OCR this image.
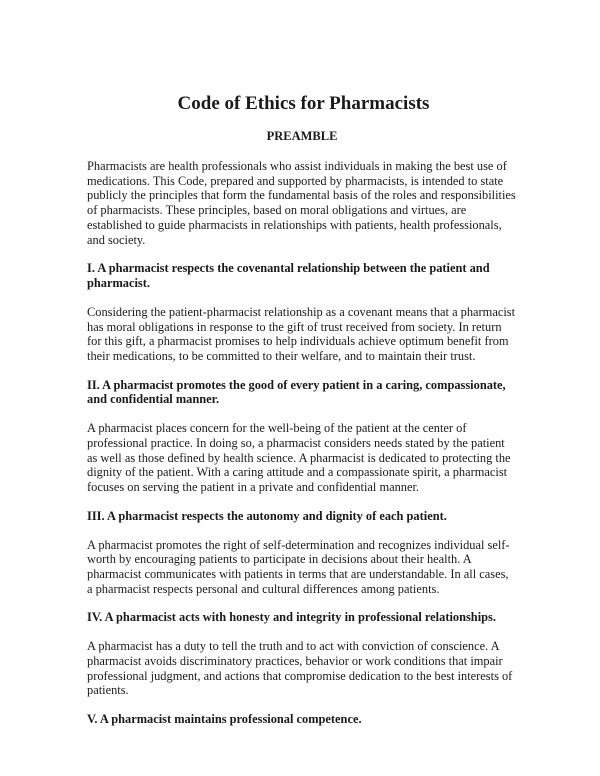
Code of Ethics for Pharmacists
PREAMBLE

Pharmacists are health professionals who assist individuals in making the best use of medications. This Code, prepared and supported by pharmacists, is intended to state publicly the principles that form the fundamental basis of the roles and responsibilities of pharmacists. These principles, based on moral obligations and virtues, are established to guide pharmacists in relationships with patients, health professionals, and society.

I. A pharmacist respects the covenantal relationship between the patient and pharmacist.

Considering the patient-pharmacist relationship as a covenant means that a pharmacist has moral obligations in response to the gift of trust received from society. In return for this gift, a pharmacist promises to help individuals achieve optimum benefit from their medications, to be committed to their welfare, and to maintain their trust.

II. A pharmacist promotes the good of every patient in a caring, compassionate, and confidential manner.

A pharmacist places concern for the well-being of the patient at the center of professional practice. In doing so, a pharmacist considers needs stated by the patient as well as those defined by health science. A pharmacist is dedicated to protecting the dignity of the patient. With a caring attitude and a compassionate spirit, a pharmacist focuses on serving the patient in a private and confidential manner.

III. A pharmacist respects the autonomy and dignity of each patient.

A pharmacist promotes the right of self-determination and recognizes individual self-worth by encouraging patients to participate in decisions about their health. A pharmacist communicates with patients in terms that are understandable. In all cases, a pharmacist respects personal and cultural differences among patients.

IV. A pharmacist acts with honesty and integrity in professional relationships.

A pharmacist has a duty to tell the truth and to act with conviction of conscience. A pharmacist avoids discriminatory practices, behavior or work conditions that impair professional judgment, and actions that compromise dedication to the best interests of patients.

V. A pharmacist maintains professional competence.
